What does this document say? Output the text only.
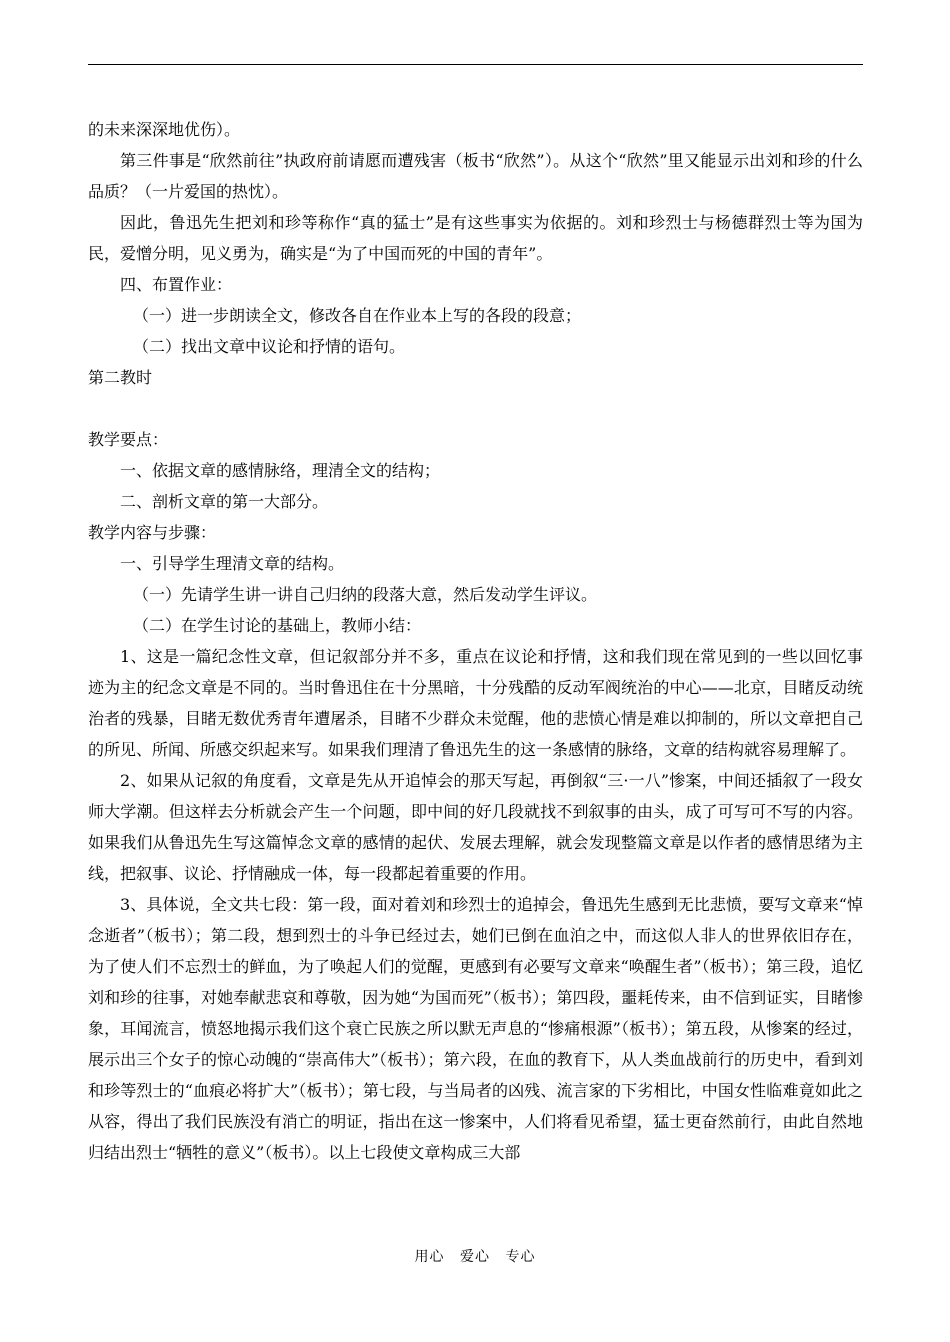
的未来深深地优伤）。

第三件事是“欣然前往”执政府前请愿而遭残害（板书“欣然”）。从这个“欣然”里又能显示出刘和珍的什么品质？（一片爱国的热忱）。

因此，鲁迅先生把刘和珍等称作“真的猛士”是有这些事实为依据的。刘和珍烈士与杨德群烈士等为国为民，爱憎分明，见义勇为，确实是“为了中国而死的中国的青年”。

四、布置作业：

（一）进一步朗读全文，修改各自在作业本上写的各段的段意；

（二）找出文章中议论和抒情的语句。

第二教时

教学要点：

一、依据文章的感情脉络，理清全文的结构；

二、剖析文章的第一大部分。

教学内容与步骤：

一、引导学生理清文章的结构。

（一）先请学生讲一讲自己归纳的段落大意，然后发动学生评议。

（二）在学生讨论的基础上，教师小结：

1、这是一篇纪念性文章，但记叙部分并不多，重点在议论和抒情，这和我们现在常见到的一些以回忆事迹为主的纪念文章是不同的。当时鲁迅住在十分黑暗，十分残酷的反动军阀统治的中心——北京，目睹反动统治者的残暴，目睹无数优秀青年遭屠杀，目睹不少群众未觉醒，他的悲愤心情是难以抑制的，所以文章把自己的所见、所闻、所感交织起来写。如果我们理清了鲁迅先生的这一条感情的脉络，文章的结构就容易理解了。

2、如果从记叙的角度看，文章是先从开追悼会的那天写起，再倒叙“三·一八”惨案，中间还插叙了一段女师大学潮。但这样去分析就会产生一个问题，即中间的好几段就找不到叙事的由头，成了可写可不写的内容。如果我们从鲁迅先生写这篇悼念文章的感情的起伏、发展去理解，就会发现整篇文章是以作者的感情思绪为主线，把叙事、议论、抒情融成一体，每一段都起着重要的作用。

3、具体说，全文共七段：第一段，面对着刘和珍烈士的追掉会，鲁迅先生感到无比悲愤，要写文章来“悼念逝者”（板书）；第二段，想到烈士的斗争已经过去，她们已倒在血泊之中，而这似人非人的世界依旧存在，为了使人们不忘烈士的鲜血，为了唤起人们的觉醒，更感到有必要写文章来“唤醒生者”（板书）；第三段，追忆刘和珍的往事，对她奉献悲哀和尊敬，因为她“为国而死”（板书）；第四段，噩耗传来，由不信到证实，目睹惨象，耳闻流言，愤怒地揭示我们这个衰亡民族之所以默无声息的“惨痛根源”（板书）；第五段，从惨案的经过，展示出三个女子的惊心动魄的“崇高伟大”（板书）；第六段，在血的教育下，从人类血战前行的历史中，看到刘和珍等烈士的“血痕必将扩大”（板书）；第七段，与当局者的凶残、流言家的下劣相比，中国女性临难竟如此之从容，得出了我们民族没有消亡的明证，指出在这一惨案中，人们将看见希望，猛士更奋然前行，由此自然地归结出烈士“牺牲的意义”（板书）。以上七段使文章构成三大部

用心 爱心 专心
